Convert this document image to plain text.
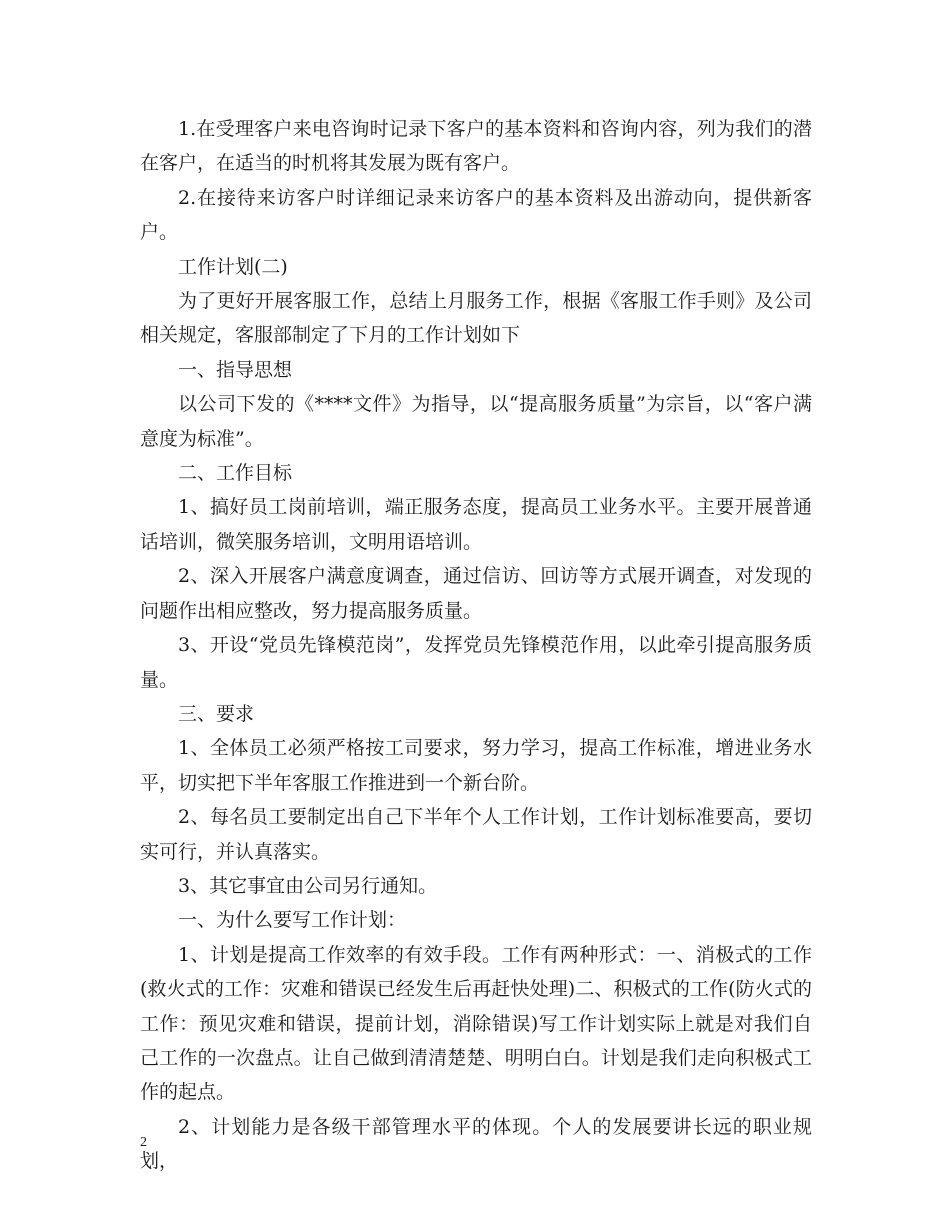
1.在受理客户来电咨询时记录下客户的基本资料和咨询内容，列为我们的潜在客户，在适当的时机将其发展为既有客户。

2.在接待来访客户时详细记录来访客户的基本资料及出游动向，提供新客户。

工作计划(二)

为了更好开展客服工作，总结上月服务工作，根据《客服工作手则》及公司相关规定，客服部制定了下月的工作计划如下

一、指导思想

以公司下发的《****文件》为指导，以“提高服务质量”为宗旨，以“客户满意度为标准”。

二、工作目标

1、搞好员工岗前培训，端正服务态度，提高员工业务水平。主要开展普通话培训，微笑服务培训，文明用语培训。

2、深入开展客户满意度调查，通过信访、回访等方式展开调查，对发现的问题作出相应整改，努力提高服务质量。

3、开设“党员先锋模范岗”，发挥党员先锋模范作用，以此牵引提高服务质量。

三、要求

1、全体员工必须严格按工司要求，努力学习，提高工作标准，增进业务水平，切实把下半年客服工作推进到一个新台阶。

2、每名员工要制定出自己下半年个人工作计划，工作计划标准要高，要切实可行，并认真落实。

3、其它事宜由公司另行通知。

一、为什么要写工作计划：

1、计划是提高工作效率的有效手段。工作有两种形式：一、消极式的工作(救火式的工作：灾难和错误已经发生后再赶快处理)二、积极式的工作(防火式的工作：预见灾难和错误，提前计划，消除错误)写工作计划实际上就是对我们自己工作的一次盘点。让自己做到清清楚楚、明明白白。计划是我们走向积极式工作的起点。

2、计划能力是各级干部管理水平的体现。个人的发展要讲长远的职业规划，

2
